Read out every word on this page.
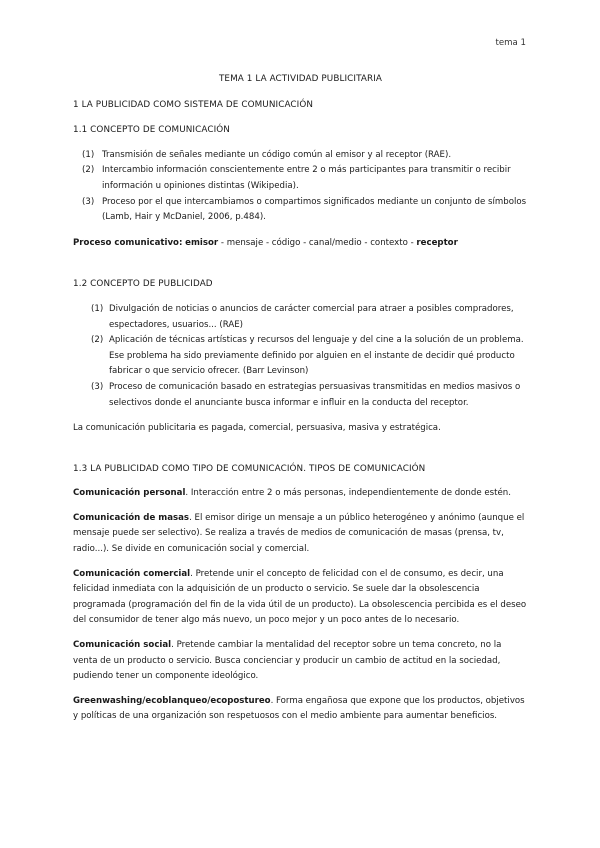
tema 1
TEMA 1 LA ACTIVIDAD PUBLICITARIA
1 LA PUBLICIDAD COMO SISTEMA DE COMUNICACIÓN
1.1 CONCEPTO DE COMUNICACIÓN
(1) Transmisión de señales mediante un código común al emisor y al receptor (RAE).
(2) Intercambio información conscientemente entre 2 o más participantes para transmitir o recibir información u opiniones distintas (Wikipedia).
(3) Proceso por el que intercambiamos o compartimos significados mediante un conjunto de símbolos (Lamb, Hair y McDaniel, 2006, p.484).

Proceso comunicativo: emisor - mensaje - código - canal/medio - contexto - receptor

1.2 CONCEPTO DE PUBLICIDAD
(1) Divulgación de noticias o anuncios de carácter comercial para atraer a posibles compradores, espectadores, usuarios... (RAE)
(2) Aplicación de técnicas artísticas y recursos del lenguaje y del cine a la solución de un problema. Ese problema ha sido previamente definido por alguien en el instante de decidir qué producto fabricar o que servicio ofrecer. (Barr Levinson)
(3) Proceso de comunicación basado en estrategias persuasivas transmitidas en medios masivos o selectivos donde el anunciante busca informar e influir en la conducta del receptor.

La comunicación publicitaria es pagada, comercial, persuasiva, masiva y estratégica.

1.3 LA PUBLICIDAD COMO TIPO DE COMUNICACIÓN. TIPOS DE COMUNICACIÓN

Comunicación personal. Interacción entre 2 o más personas, independientemente de donde estén.

Comunicación de masas. El emisor dirige un mensaje a un público heterogéneo y anónimo (aunque el mensaje puede ser selectivo). Se realiza a través de medios de comunicación de masas (prensa, tv, radio...). Se divide en comunicación social y comercial.

Comunicación comercial. Pretende unir el concepto de felicidad con el de consumo, es decir, una felicidad inmediata con la adquisición de un producto o servicio. Se suele dar la obsolescencia programada (programación del fin de la vida útil de un producto). La obsolescencia percibida es el deseo del consumidor de tener algo más nuevo, un poco mejor y un poco antes de lo necesario.

Comunicación social. Pretende cambiar la mentalidad del receptor sobre un tema concreto, no la venta de un producto o servicio. Busca concienciar y producir un cambio de actitud en la sociedad, pudiendo tener un componente ideológico.

Greenwashing/ecoblanqueo/ecopostureo. Forma engañosa que expone que los productos, objetivos y políticas de una organización son respetuosos con el medio ambiente para aumentar beneficios.
